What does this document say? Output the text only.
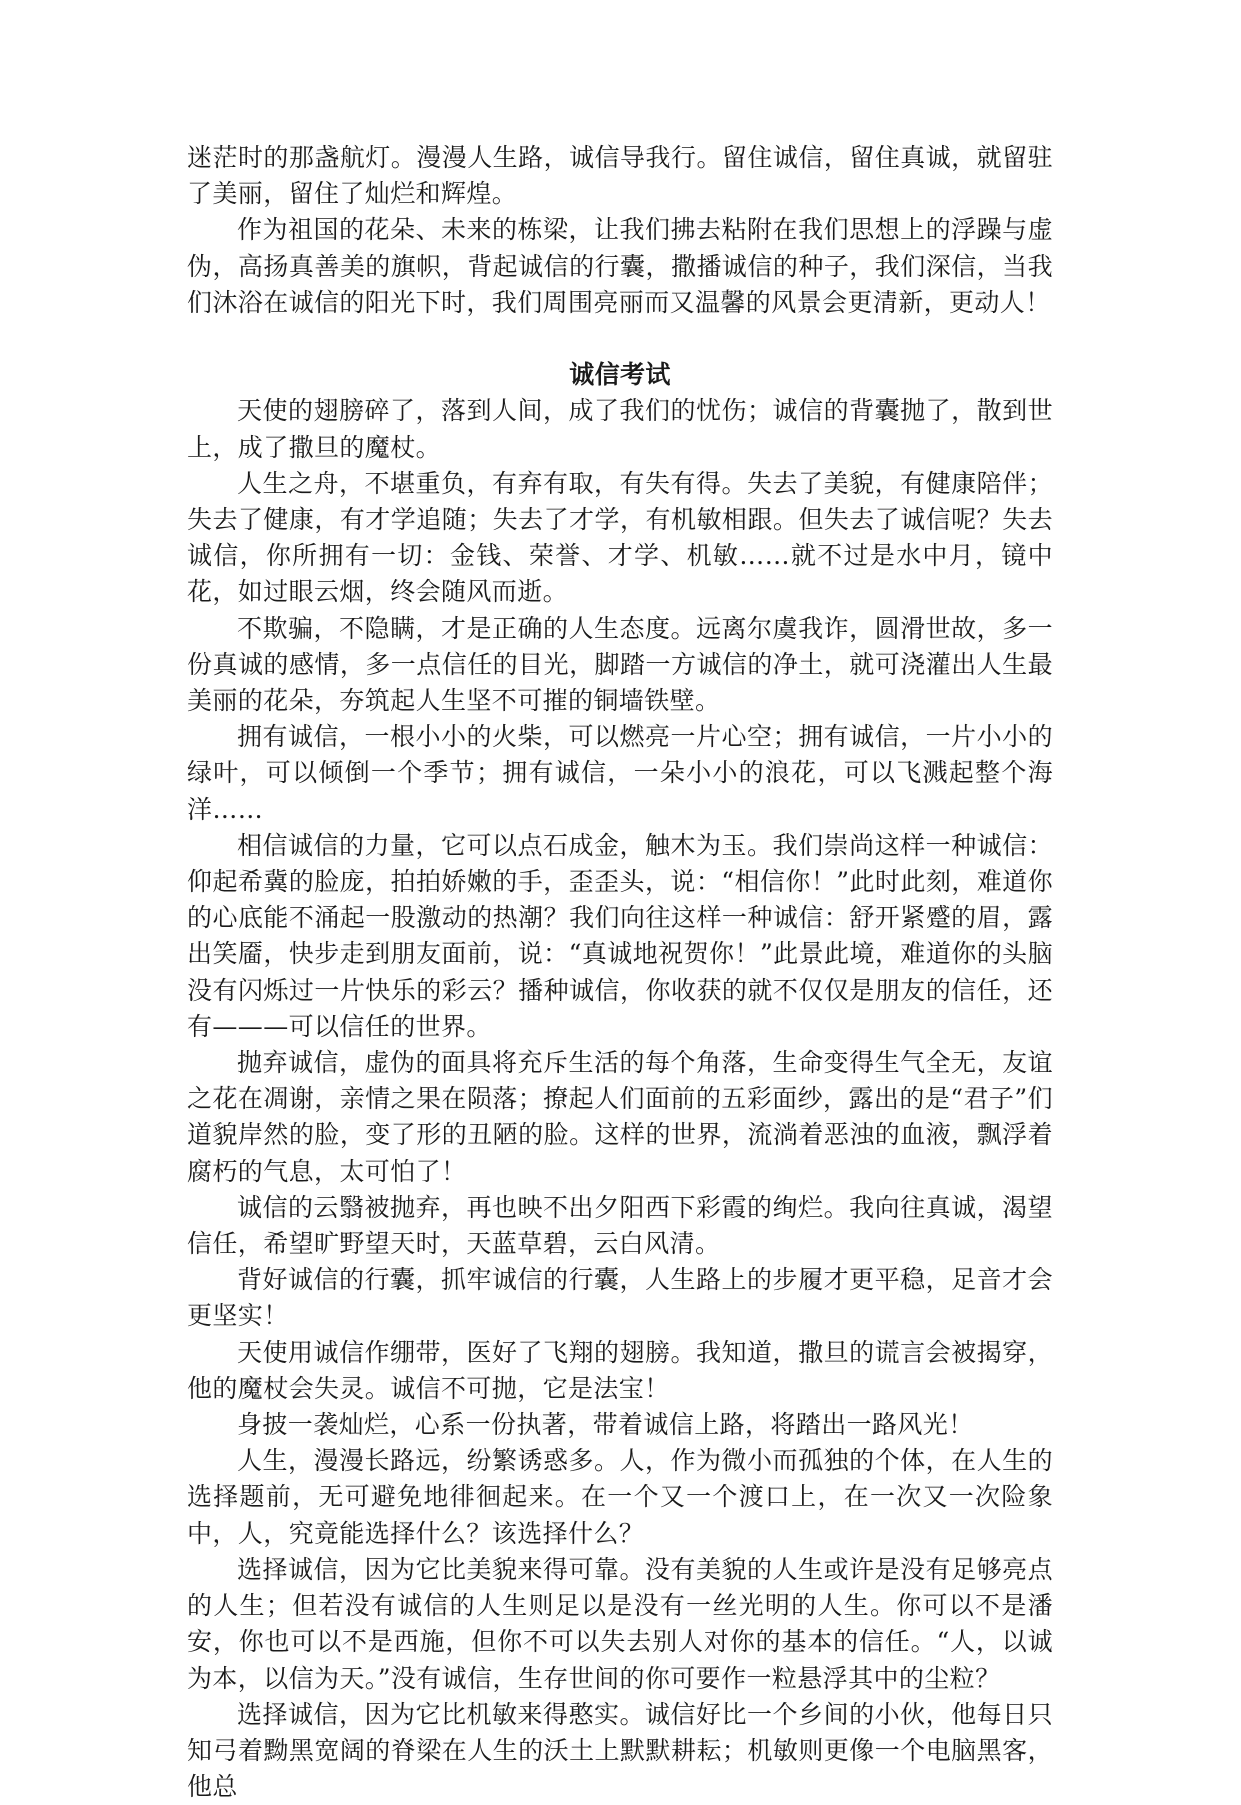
迷茫时的那盏航灯。漫漫人生路，诚信导我行。留住诚信，留住真诚，就留驻了美丽，留住了灿烂和辉煌。

作为祖国的花朵、未来的栋梁，让我们拂去粘附在我们思想上的浮躁与虚伪，高扬真善美的旗帜，背起诚信的行囊，撒播诚信的种子，我们深信，当我们沐浴在诚信的阳光下时，我们周围亮丽而又温馨的风景会更清新，更动人！

诚信考试

天使的翅膀碎了，落到人间，成了我们的忧伤；诚信的背囊抛了，散到世上，成了撒旦的魔杖。

人生之舟，不堪重负，有弃有取，有失有得。失去了美貌，有健康陪伴；失去了健康，有才学追随；失去了才学，有机敏相跟。但失去了诚信呢？失去诚信，你所拥有一切：金钱、荣誉、才学、机敏……就不过是水中月，镜中花，如过眼云烟，终会随风而逝。

不欺骗，不隐瞒，才是正确的人生态度。远离尔虞我诈，圆滑世故，多一份真诚的感情，多一点信任的目光，脚踏一方诚信的净土，就可浇灌出人生最美丽的花朵，夯筑起人生坚不可摧的铜墙铁壁。

拥有诚信，一根小小的火柴，可以燃亮一片心空；拥有诚信，一片小小的绿叶，可以倾倒一个季节；拥有诚信，一朵小小的浪花，可以飞溅起整个海洋……

相信诚信的力量，它可以点石成金，触木为玉。我们崇尚这样一种诚信：仰起希冀的脸庞，拍拍娇嫩的手，歪歪头，说：“相信你！”此时此刻，难道你的心底能不涌起一股激动的热潮？我们向往这样一种诚信：舒开紧蹙的眉，露出笑靥，快步走到朋友面前，说：“真诚地祝贺你！”此景此境，难道你的头脑没有闪烁过一片快乐的彩云？播种诚信，你收获的就不仅仅是朋友的信任，还有———可以信任的世界。

抛弃诚信，虚伪的面具将充斥生活的每个角落，生命变得生气全无，友谊之花在凋谢，亲情之果在陨落；撩起人们面前的五彩面纱，露出的是“君子”们道貌岸然的脸，变了形的丑陋的脸。这样的世界，流淌着恶浊的血液，飘浮着腐朽的气息，太可怕了！

诚信的云翳被抛弃，再也映不出夕阳西下彩霞的绚烂。我向往真诚，渴望信任，希望旷野望天时，天蓝草碧，云白风清。

背好诚信的行囊，抓牢诚信的行囊，人生路上的步履才更平稳，足音才会更坚实！

天使用诚信作绷带，医好了飞翔的翅膀。我知道，撒旦的谎言会被揭穿，他的魔杖会失灵。诚信不可抛，它是法宝！

身披一袭灿烂，心系一份执著，带着诚信上路，将踏出一路风光！

人生，漫漫长路远，纷繁诱惑多。人，作为微小而孤独的个体，在人生的选择题前，无可避免地徘徊起来。在一个又一个渡口上，在一次又一次险象中，人，究竟能选择什么？该选择什么？

选择诚信，因为它比美貌来得可靠。没有美貌的人生或许是没有足够亮点的人生；但若没有诚信的人生则足以是没有一丝光明的人生。你可以不是潘安，你也可以不是西施，但你不可以失去别人对你的基本的信任。“人，以诚为本，以信为天。”没有诚信，生存世间的你可要作一粒悬浮其中的尘粒？

选择诚信，因为它比机敏来得憨实。诚信好比一个乡间的小伙，他每日只知弓着黝黑宽阔的脊梁在人生的沃土上默默耕耘；机敏则更像一个电脑黑客，他总
